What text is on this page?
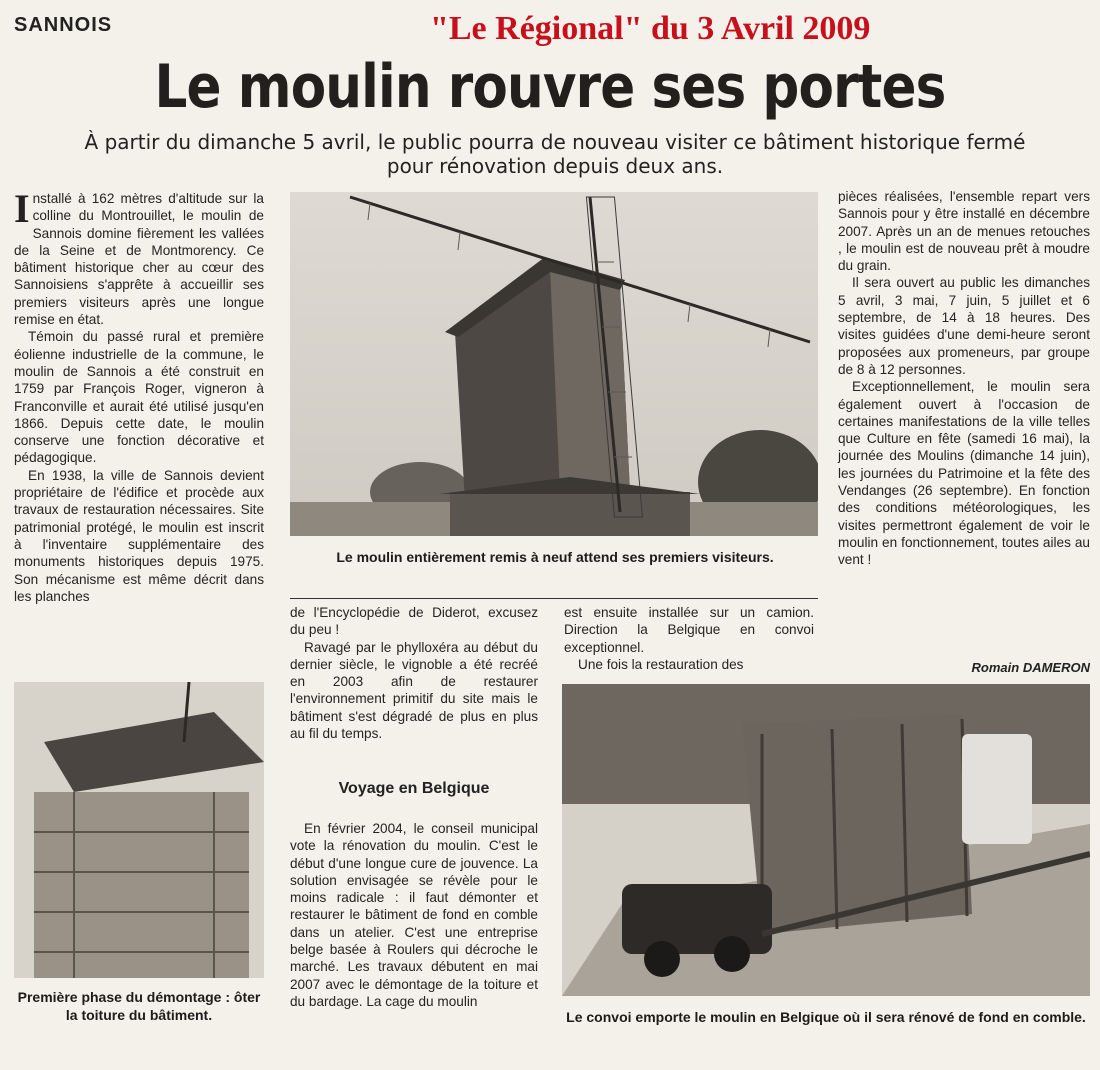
SANNOIS	"Le Régional" du 3 Avril 2009
Le moulin rouvre ses portes
À partir du dimanche 5 avril, le public pourra de nouveau visiter ce bâtiment historique fermé pour rénovation depuis deux ans.

Installé à 162 mètres d'altitude sur la colline du Montrouillet, le moulin de Sannois domine fièrement les vallées de la Seine et de Montmorency. Ce bâtiment historique cher au cœur des Sannoisiens s'apprête à accueillir ses premiers visiteurs après une longue remise en état.

Témoin du passé rural et première éolienne industrielle de la commune, le moulin de Sannois a été construit en 1759 par François Roger, vigneron à Franconville et aurait été utilisé jusqu'en 1866. Depuis cette date, le moulin conserve une fonction décorative et pédagogique.

En 1938, la ville de Sannois devient propriétaire de l'édifice et procède aux travaux de restauration nécessaires. Site patrimonial protégé, le moulin est inscrit à l'inventaire supplémentaire des monuments historiques depuis 1975. Son mécanisme est même décrit dans les planches

Le moulin entièrement remis à neuf attend ses premiers visiteurs.

de l'Encyclopédie de Diderot, excusez du peu !

Ravagé par le phylloxéra au début du dernier siècle, le vignoble a été recréé en 2003 afin de restaurer l'environnement primitif du site mais le bâtiment s'est dégradé de plus en plus au fil du temps.

Voyage en Belgique

En février 2004, le conseil municipal vote la rénovation du moulin. C'est le début d'une longue cure de jouvence. La solution envisagée se révèle pour le moins radicale : il faut démonter et restaurer le bâtiment de fond en comble dans un atelier. C'est une entreprise belge basée à Roulers qui décroche le marché. Les travaux débutent en mai 2007 avec le démontage de la toiture et du bardage. La cage du moulin

est ensuite installée sur un camion. Direction la Belgique en convoi exceptionnel.

Une fois la restauration des

pièces réalisées, l'ensemble repart vers Sannois pour y être installé en décembre 2007. Après un an de menues retouches , le moulin est de nouveau prêt à moudre du grain.

Il sera ouvert au public les dimanches 5 avril, 3 mai, 7 juin, 5 juillet et 6 septembre, de 14 à 18 heures. Des visites guidées d'une demi-heure seront proposées aux promeneurs, par groupe de 8 à 12 personnes.

Exceptionnellement, le moulin sera également ouvert à l'occasion de certaines manifestations de la ville telles que Culture en fête (samedi 16 mai), la journée des Moulins (dimanche 14 juin), les journées du Patrimoine et la fête des Vendanges (26 septembre). En fonction des conditions météorologiques, les visites permettront également de voir le moulin en fonctionnement, toutes ailes au vent !

Romain DAMERON
Première phase du démontage : ôter la toiture du bâtiment.	Le convoi emporte le moulin en Belgique où il sera rénové de fond en comble.
